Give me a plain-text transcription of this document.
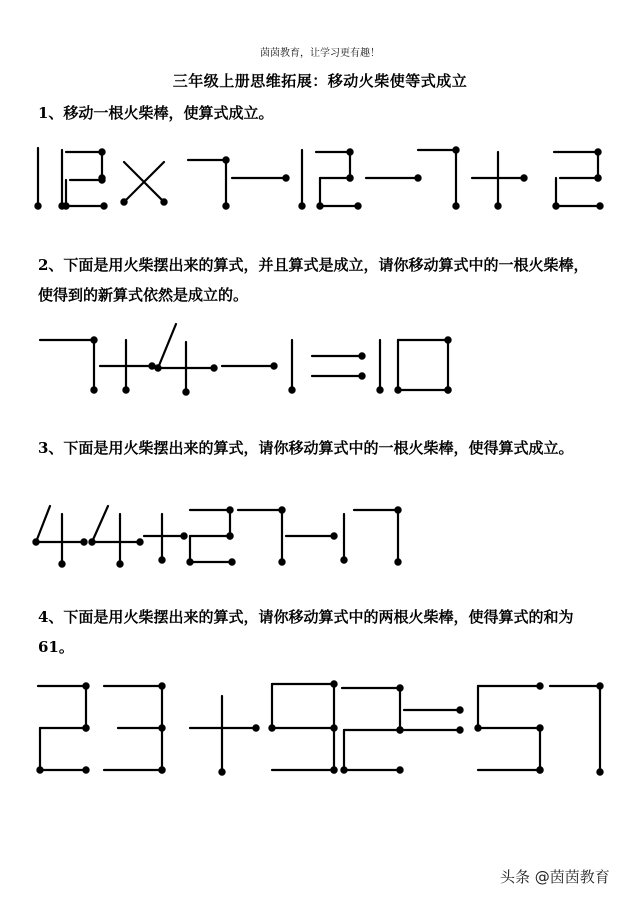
茵茵教育，让学习更有趣！
三年级上册思维拓展：移动火柴使等式成立
1、移动一根火柴棒，使算式成立。
2、下面是用火柴摆出来的算式，并且算式是成立，请你移动算式中的一根火柴棒，使得到的新算式依然是成立的。
3、下面是用火柴摆出来的算式，请你移动算式中的一根火柴棒，使得算式成立。
4、下面是用火柴摆出来的算式，请你移动算式中的两根火柴棒，使得算式的和为 61。
头条 @茵茵教育
